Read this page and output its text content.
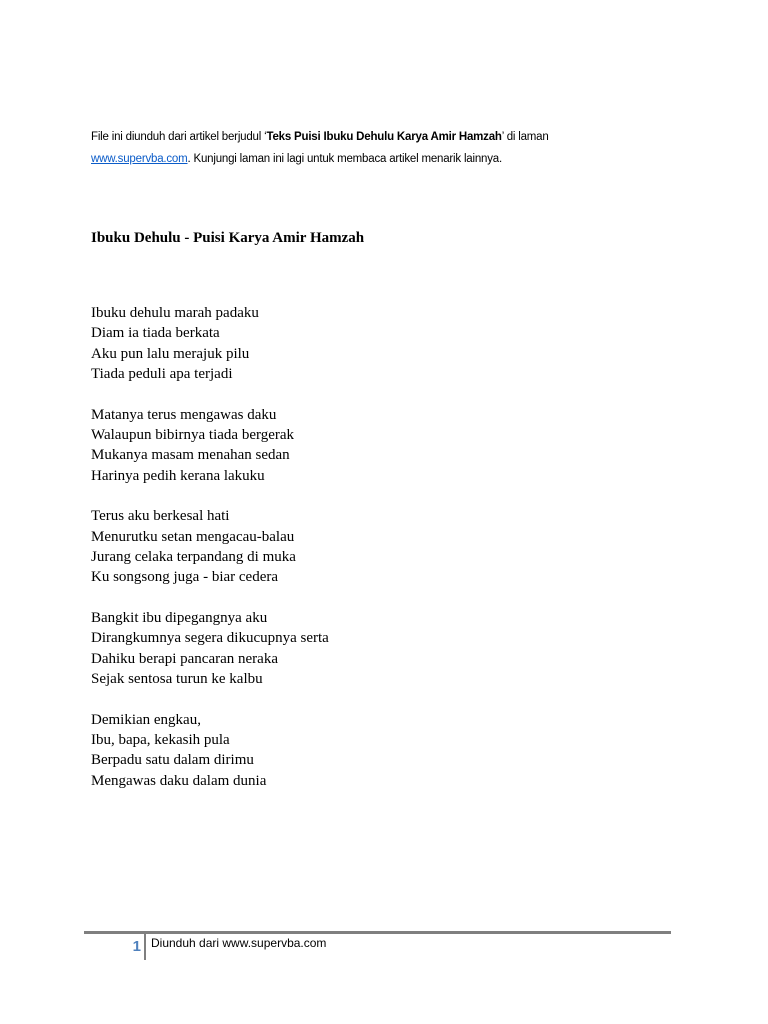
File ini diunduh dari artikel berjudul ‘Teks Puisi Ibuku Dehulu Karya Amir Hamzah’ di laman
www.supervba.com. Kunjungi laman ini lagi untuk membaca artikel menarik lainnya.
Ibuku Dehulu - Puisi Karya Amir Hamzah
Ibuku dehulu marah padaku
Diam ia tiada berkata
Aku pun lalu merajuk pilu
Tiada peduli apa terjadi
Matanya terus mengawas daku
Walaupun bibirnya tiada bergerak
Mukanya masam menahan sedan
Harinya pedih kerana lakuku
Terus aku berkesal hati
Menurutku setan mengacau-balau
Jurang celaka terpandang di muka
Ku songsong juga - biar cedera
Bangkit ibu dipegangnya aku
Dirangkumnya segera dikucupnya serta
Dahiku berapi pancaran neraka
Sejak sentosa turun ke kalbu
Demikian engkau,
Ibu, bapa, kekasih pula
Berpadu satu dalam dirimu
Mengawas daku dalam dunia
1 Diunduh dari www.supervba.com
